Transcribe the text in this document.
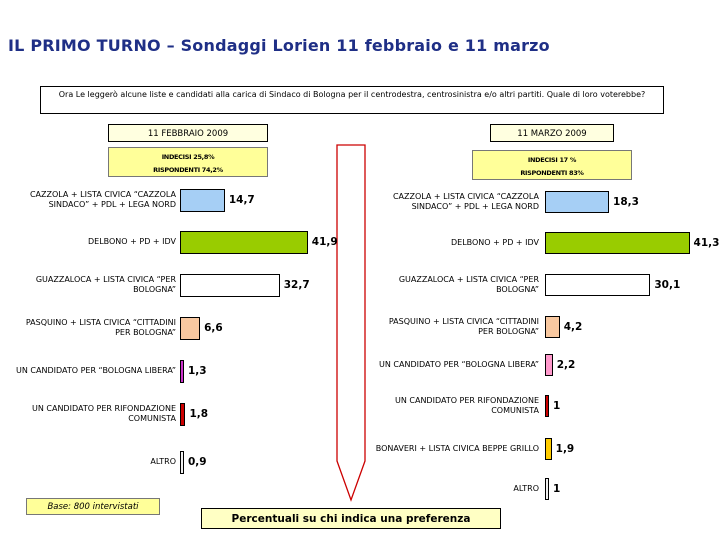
IL PRIMO TURNO – Sondaggi Lorien 11 febbraio e 11 marzo
Ora Le leggerò alcune liste e candidati alla carica di Sindaco di Bologna per il centrodestra, centrosinistra e/o altri partiti. Quale di loro voterebbe?
11 FEBBRAIO 2009
INDECISI 25,8%
RISPONDENTI 74,2%
11 MARZO 2009
INDECISI 17 %
RISPONDENTI 83%
CAZZOLA + LISTA CIVICA “CAZZOLA SINDACO” + PDL + LEGA NORD	14,7
DELBONO + PD + IDV	41,9
GUAZZALOCA + LISTA CIVICA “PER BOLOGNA”	32,7
PASQUINO + LISTA CIVICA “CITTADINI PER BOLOGNA”	6,6
UN CANDIDATO PER “BOLOGNA LIBERA” 1,3
UN CANDIDATO PER RIFONDAZIONE COMUNISTA 1,8
ALTRO 0,9
CAZZOLA + LISTA CIVICA “CAZZOLA SINDACO” + PDL + LEGA NORD	18,3
DELBONO + PD + IDV	41,3
GUAZZALOCA + LISTA CIVICA “PER BOLOGNA”	30,1
PASQUINO + LISTA CIVICA “CITTADINI PER BOLOGNA” 4,2
UN CANDIDATO PER “BOLOGNA LIBERA” 2,2
UN CANDIDATO PER RIFONDAZIONE COMUNISTA 1
BONAVERI + LISTA CIVICA BEPPE GRILLO 1,9
ALTRO 1
Base: 800 intervistati
Percentuali su chi indica una preferenza
